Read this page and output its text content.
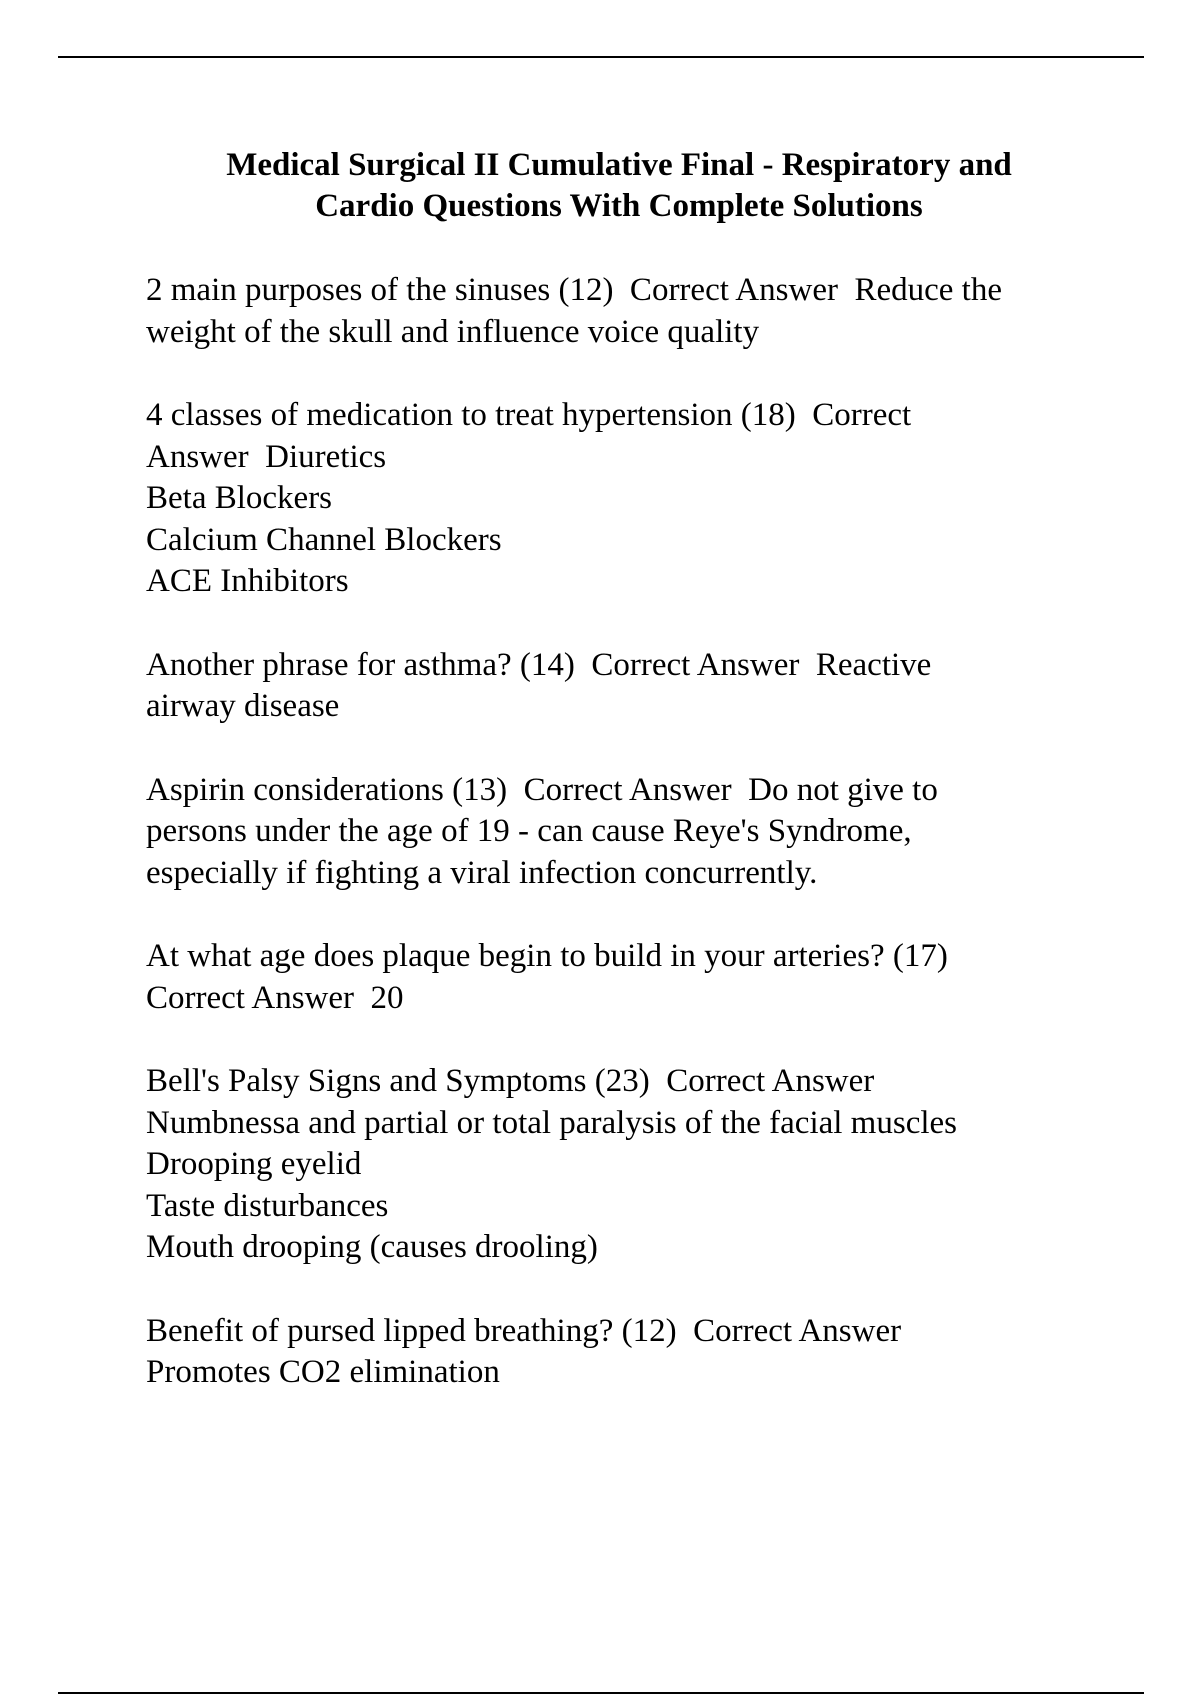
Medical Surgical II Cumulative Final - Respiratory and
Cardio Questions With Complete Solutions
2 main purposes of the sinuses (12)  Correct Answer  Reduce the
weight of the skull and influence voice quality
4 classes of medication to treat hypertension (18)  Correct
Answer  Diuretics
Beta Blockers
Calcium Channel Blockers
ACE Inhibitors
Another phrase for asthma? (14)  Correct Answer  Reactive
airway disease
Aspirin considerations (13)  Correct Answer  Do not give to
persons under the age of 19 - can cause Reye's Syndrome,
especially if fighting a viral infection concurrently.
At what age does plaque begin to build in your arteries? (17)
Correct Answer  20
Bell's Palsy Signs and Symptoms (23)  Correct Answer
Numbnessa and partial or total paralysis of the facial muscles
Drooping eyelid
Taste disturbances
Mouth drooping (causes drooling)
Benefit of pursed lipped breathing? (12)  Correct Answer
Promotes CO2 elimination
